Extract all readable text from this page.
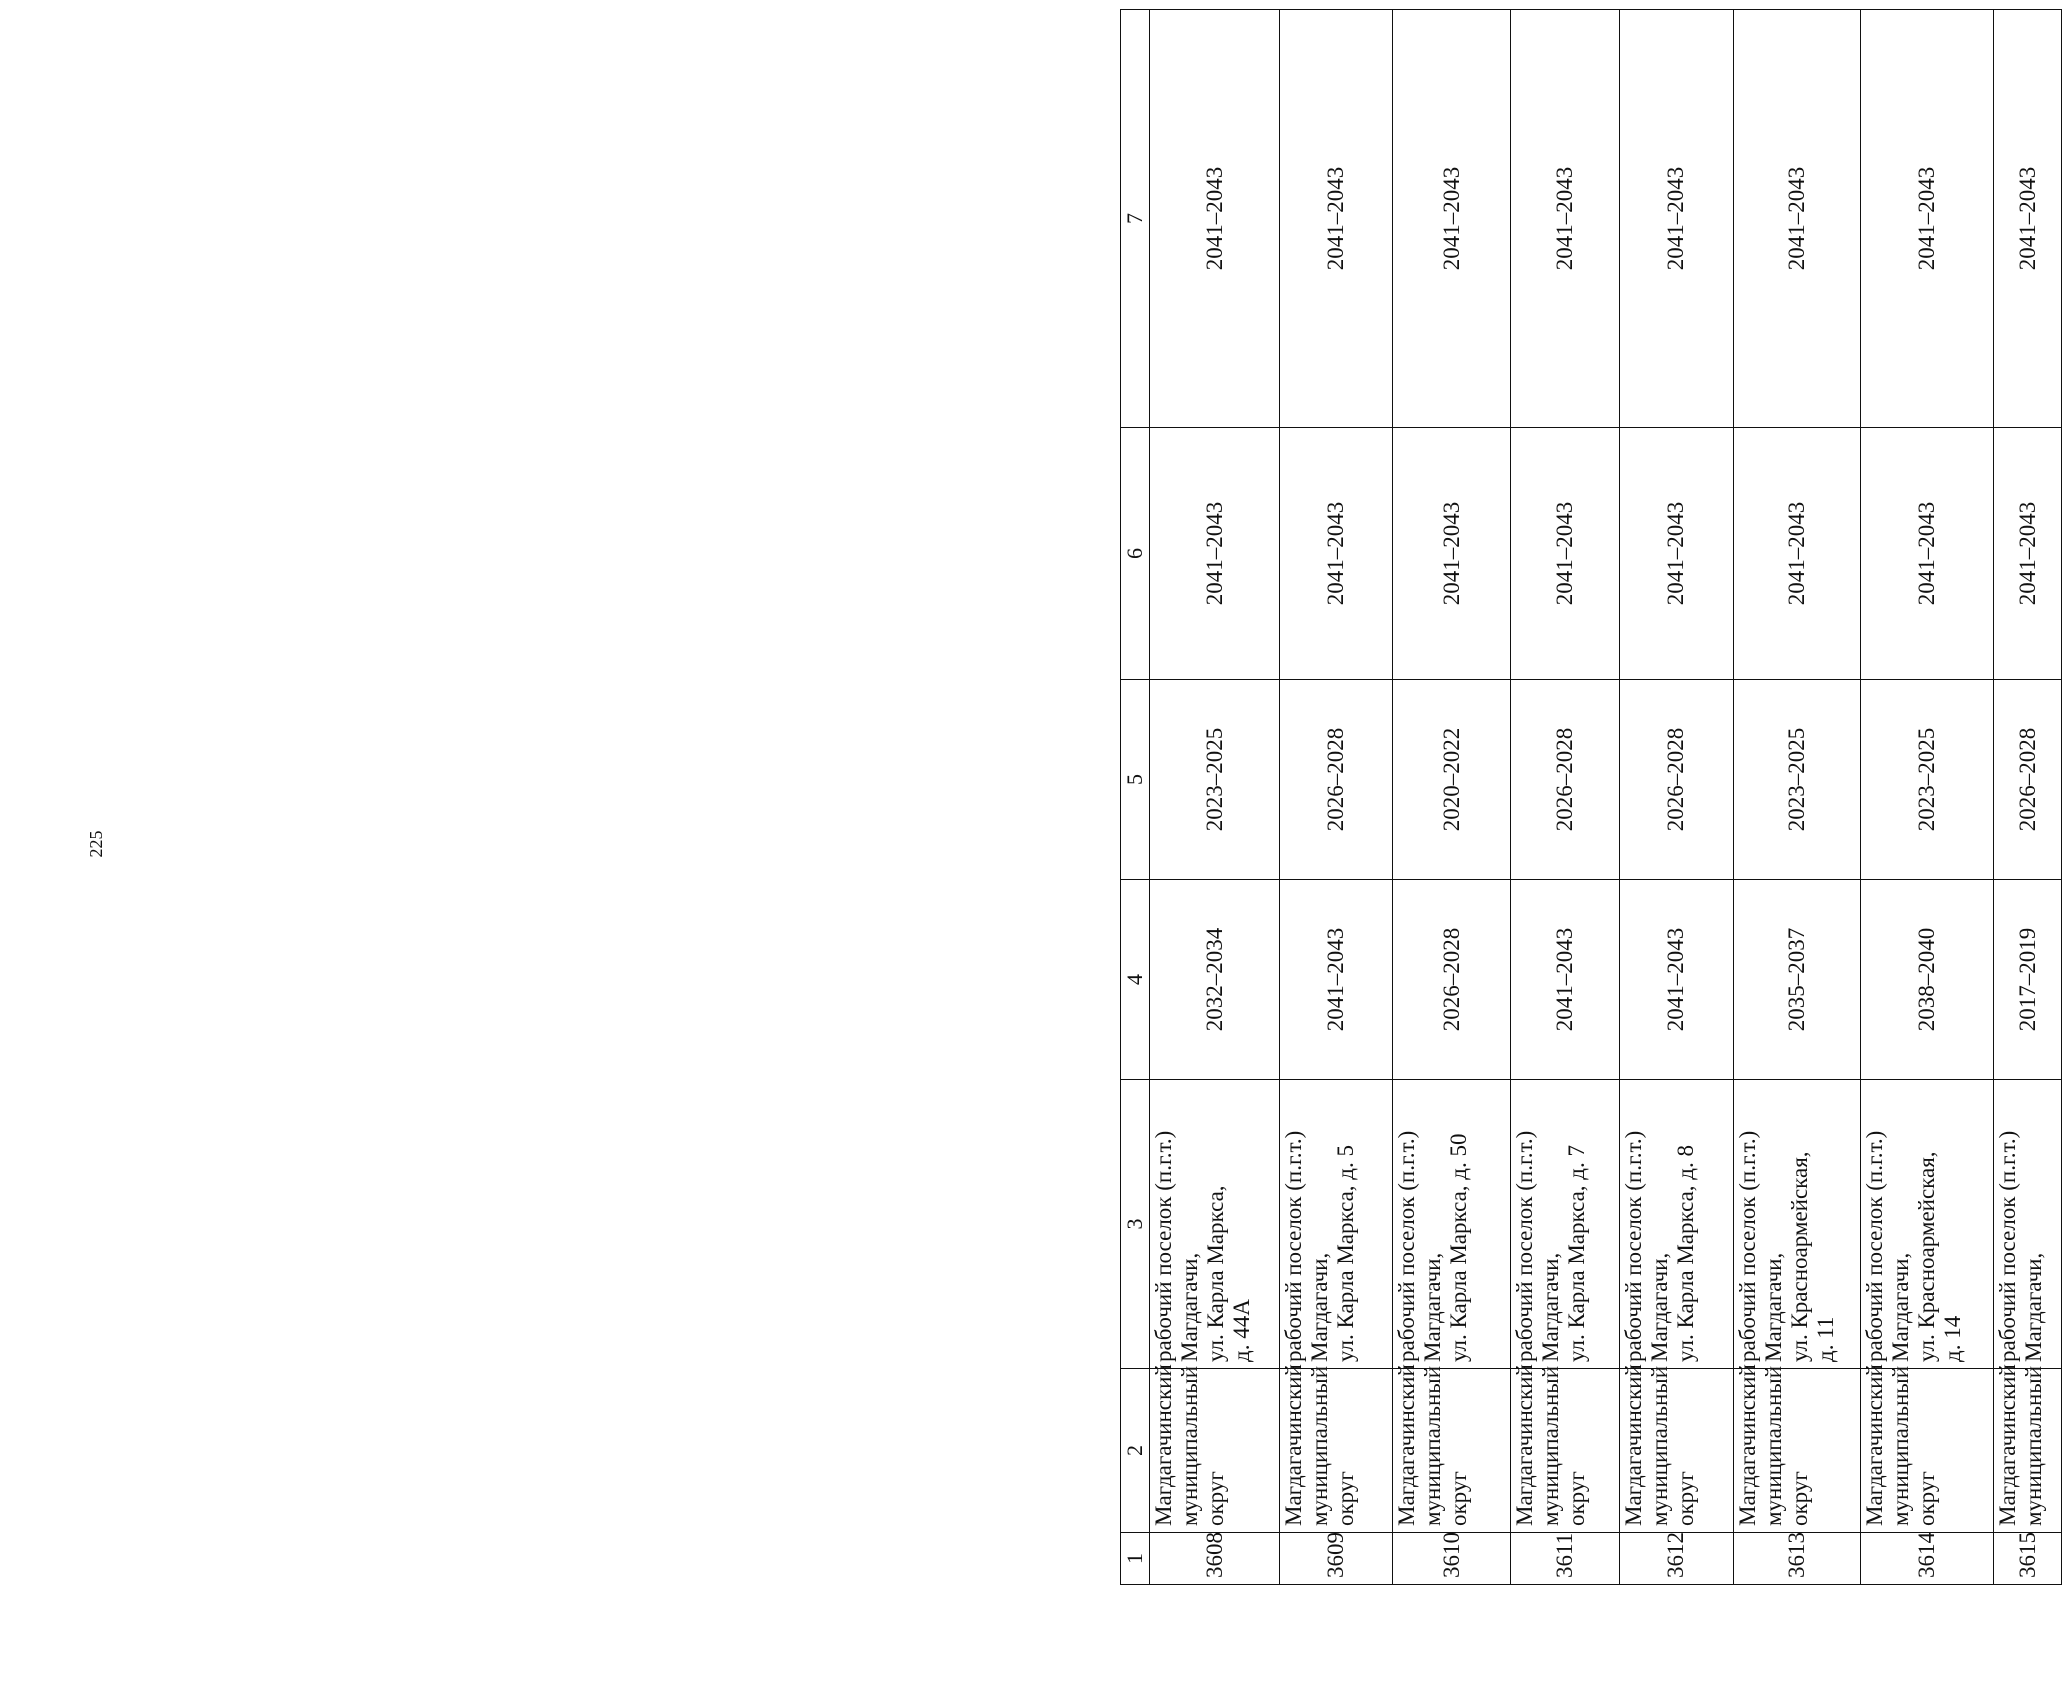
225
1	2	3	4	5	6	7
3608	Магдагачинский муниципальный округ	рабочий поселок (п.г.т.) Магдагачи, ул. Карла Маркса, д. 44А	2032–2034	2023–2025	2041–2043	2041–2043
3609	Магдагачинский муниципальный округ	рабочий поселок (п.г.т.) Магдагачи, ул. Карла Маркса, д. 5	2041–2043	2026–2028	2041–2043	2041–2043
3610	Магдагачинский муниципальный округ	рабочий поселок (п.г.т.) Магдагачи, ул. Карла Маркса, д. 50	2026–2028	2020–2022	2041–2043	2041–2043
3611	Магдагачинский муниципальный округ	рабочий поселок (п.г.т.) Магдагачи, ул. Карла Маркса, д. 7	2041–2043	2026–2028	2041–2043	2041–2043
3612	Магдагачинский муниципальный округ	рабочий поселок (п.г.т.) Магдагачи, ул. Карла Маркса, д. 8	2041–2043	2026–2028	2041–2043	2041–2043
3613	Магдагачинский муниципальный округ	рабочий поселок (п.г.т.) Магдагачи, ул. Красноармейская, д. 11	2035–2037	2023–2025	2041–2043	2041–2043
3614	Магдагачинский муниципальный округ	рабочий поселок (п.г.т.) Магдагачи, ул. Красноармейская, д. 14	2038–2040	2023–2025	2041–2043	2041–2043
3615	Магдагачинский муниципальный	рабочий поселок (п.г.т.) Магдагачи,	2017–2019	2026–2028	2041–2043	2041–2043
